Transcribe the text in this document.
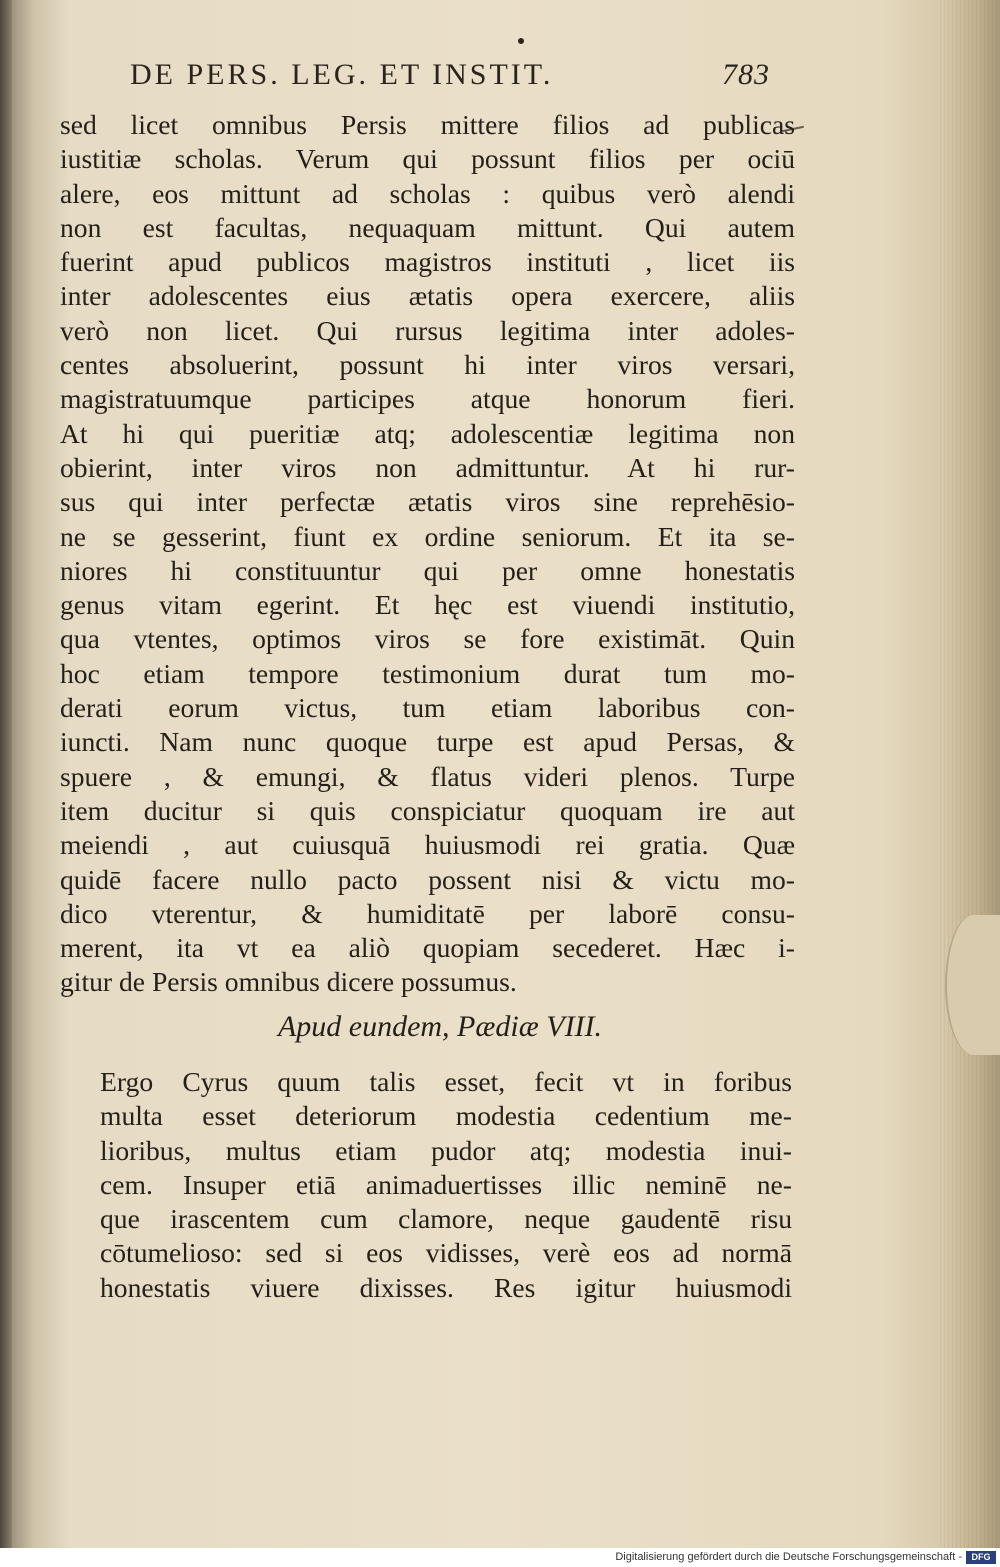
DE PERS. LEG. ET INSTIT.	783
sed licet omnibus Persis mittere filios ad publicas
iustitiæ scholas. Verum qui possunt filios per ociū
alere, eos mittunt ad scholas : quibus verò alendi
non est facultas, nequaquam mittunt. Qui autem
fuerint apud publicos magistros instituti , licet iis
inter adolescentes eius ætatis opera exercere, aliis
verò non licet. Qui rursus legitima inter adoles-
centes absoluerint, possunt hi inter viros versari,
magistratuumque participes atque honorum fieri.
At hi qui pueritiæ atq; adolescentiæ legitima non
obierint, inter viros non admittuntur. At hi rur-
sus qui inter perfectæ ætatis viros sine reprehēsio-
ne se gesserint, fiunt ex ordine seniorum. Et ita se-
niores hi constituuntur qui per omne honestatis
genus vitam egerint. Et hęc est viuendi institutio,
qua vtentes, optimos viros se fore existimāt. Quin
hoc etiam tempore testimonium durat tum mo-
derati eorum victus, tum etiam laboribus con-
iuncti. Nam nunc quoque turpe est apud Persas, &
spuere , & emungi, & flatus videri plenos. Turpe
item ducitur si quis conspiciatur quoquam ire aut
meiendi , aut cuiusquā huiusmodi rei gratia. Quæ
quidē facere nullo pacto possent nisi & victu mo-
dico vterentur, & humiditatē per laborē consu-
merent, ita vt ea aliò quopiam secederet. Hæc i-
gitur de Persis omnibus dicere possumus.
Apud eundem, Pædiæ VIII.
Ergo Cyrus quum talis esset, fecit vt in foribus
multa esset deteriorum modestia cedentium me-
lioribus, multus etiam pudor atq; modestia inui-
cem. Insuper etiā animaduertisses illic neminē ne-
que irascentem cum clamore, neque gaudentē risu
cōtumelioso: sed si eos vidisses, verè eos ad normā
honestatis viuere dixisses. Res igitur huiusmodi
Digitalisierung gefördert durch die Deutsche Forschungsgemeinschaft -	DFG
